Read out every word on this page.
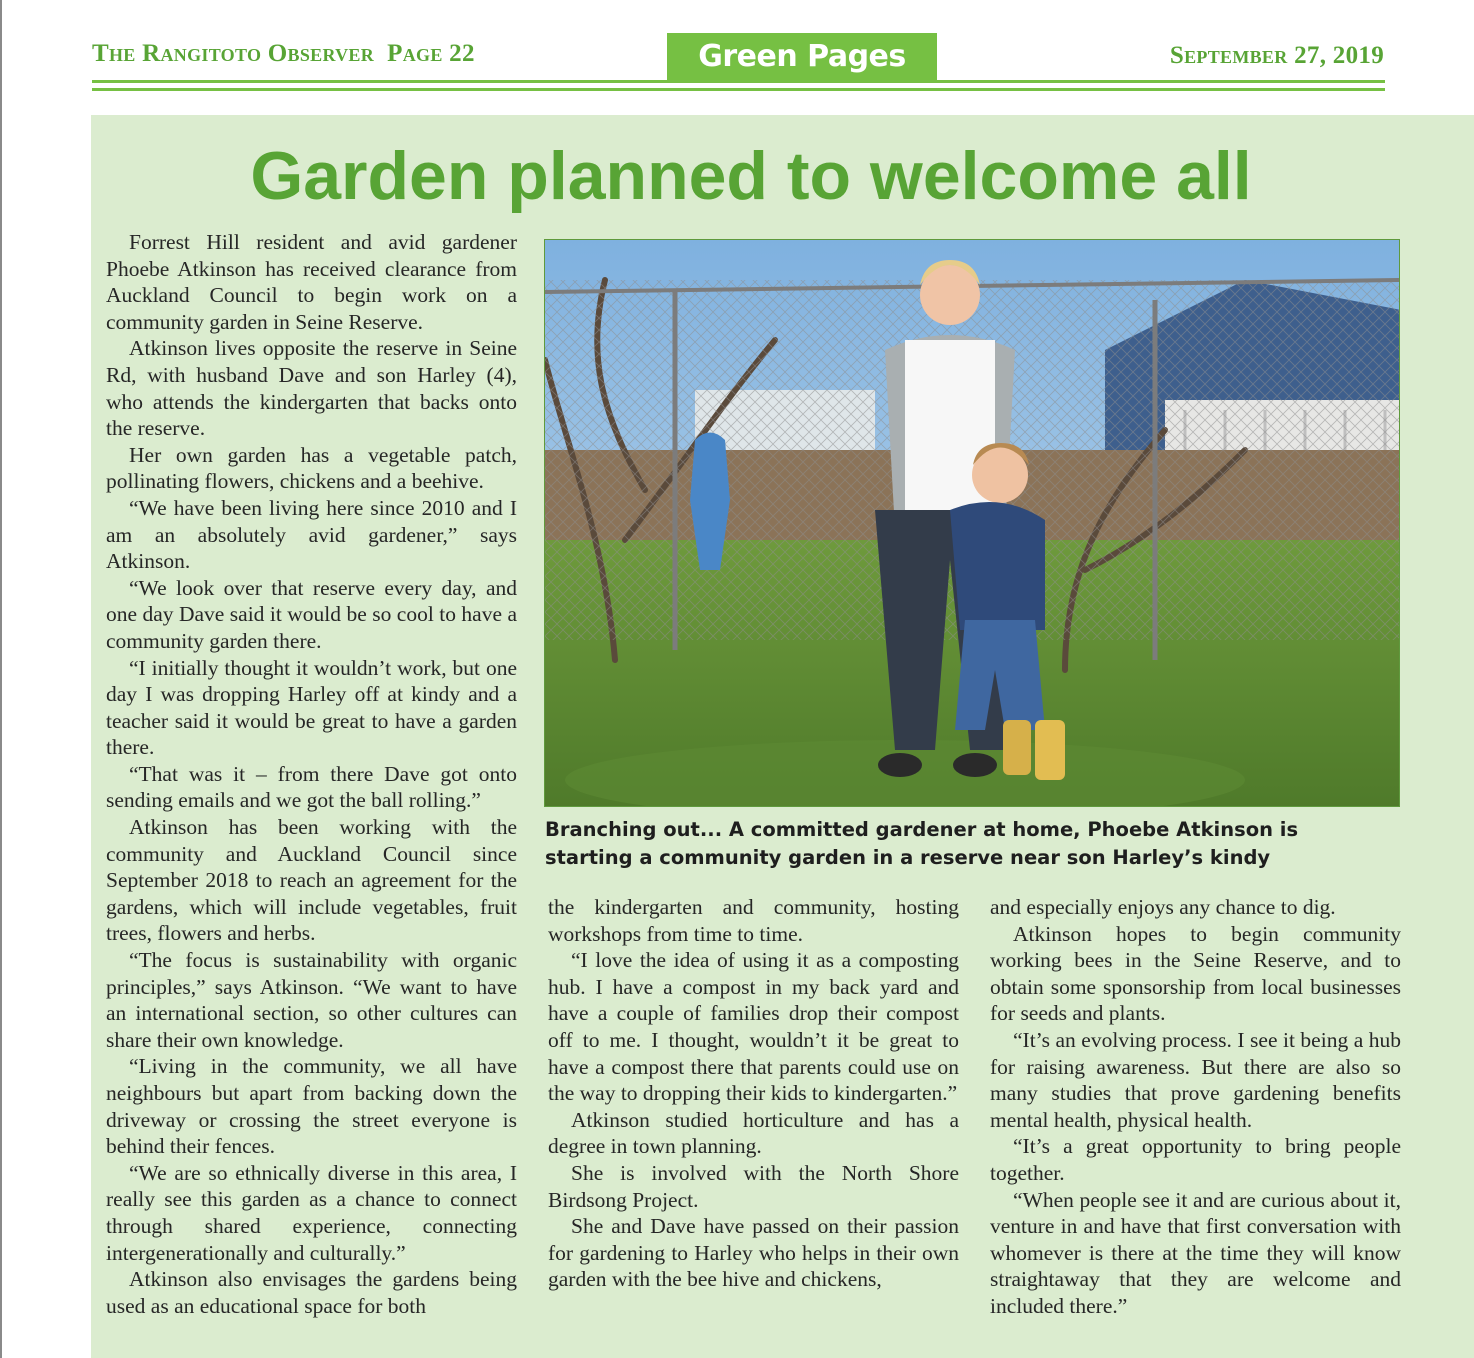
The Rangitoto Observer Page 22	Green Pages	September 27, 2019
Garden planned to welcome all

Forrest Hill resident and avid gardener Phoebe Atkinson has received clearance from Auckland Council to begin work on a community garden in Seine Reserve.

Atkinson lives opposite the reserve in Seine Rd, with husband Dave and son Harley (4), who attends the kindergarten that backs onto the reserve.

Her own garden has a vegetable patch, pollinating flowers, chickens and a beehive.

“We have been living here since 2010 and I am an absolutely avid gardener,” says Atkinson.

“We look over that reserve every day, and one day Dave said it would be so cool to have a community garden there.

“I initially thought it wouldn’t work, but one day I was dropping Harley off at kindy and a teacher said it would be great to have a garden there.

“That was it – from there Dave got onto sending emails and we got the ball rolling.”

Atkinson has been working with the community and Auckland Council since September 2018 to reach an agreement for the gardens, which will include vegetables, fruit trees, flowers and herbs.

“The focus is sustainability with organic principles,” says Atkinson. “We want to have an international section, so other cultures can share their own knowledge.

“Living in the community, we all have neighbours but apart from backing down the driveway or crossing the street everyone is behind their fences.

“We are so ethnically diverse in this area, I really see this garden as a chance to connect through shared experience, connecting intergenerationally and culturally.”

Atkinson also envisages the gardens being used as an educational space for both

Branching out... A committed gardener at home, Phoebe Atkinson is
starting a community garden in a reserve near son Harley’s kindy

the kindergarten and community, hosting workshops from time to time.

“I love the idea of using it as a composting hub. I have a compost in my back yard and have a couple of families drop their compost off to me. I thought, wouldn’t it be great to have a compost there that parents could use on the way to dropping their kids to kindergarten.”

Atkinson studied horticulture and has a degree in town planning.

She is involved with the North Shore Birdsong Project.

She and Dave have passed on their passion for gardening to Harley who helps in their own garden with the bee hive and chickens,

and especially enjoys any chance to dig.

Atkinson hopes to begin community working bees in the Seine Reserve, and to obtain some sponsorship from local businesses for seeds and plants.

“It’s an evolving process. I see it being a hub for raising awareness. But there are also so many studies that prove gardening benefits mental health, physical health.

“It’s a great opportunity to bring people together.

“When people see it and are curious about it, venture in and have that first conversation with whomever is there at the time they will know straightaway that they are welcome and included there.”
